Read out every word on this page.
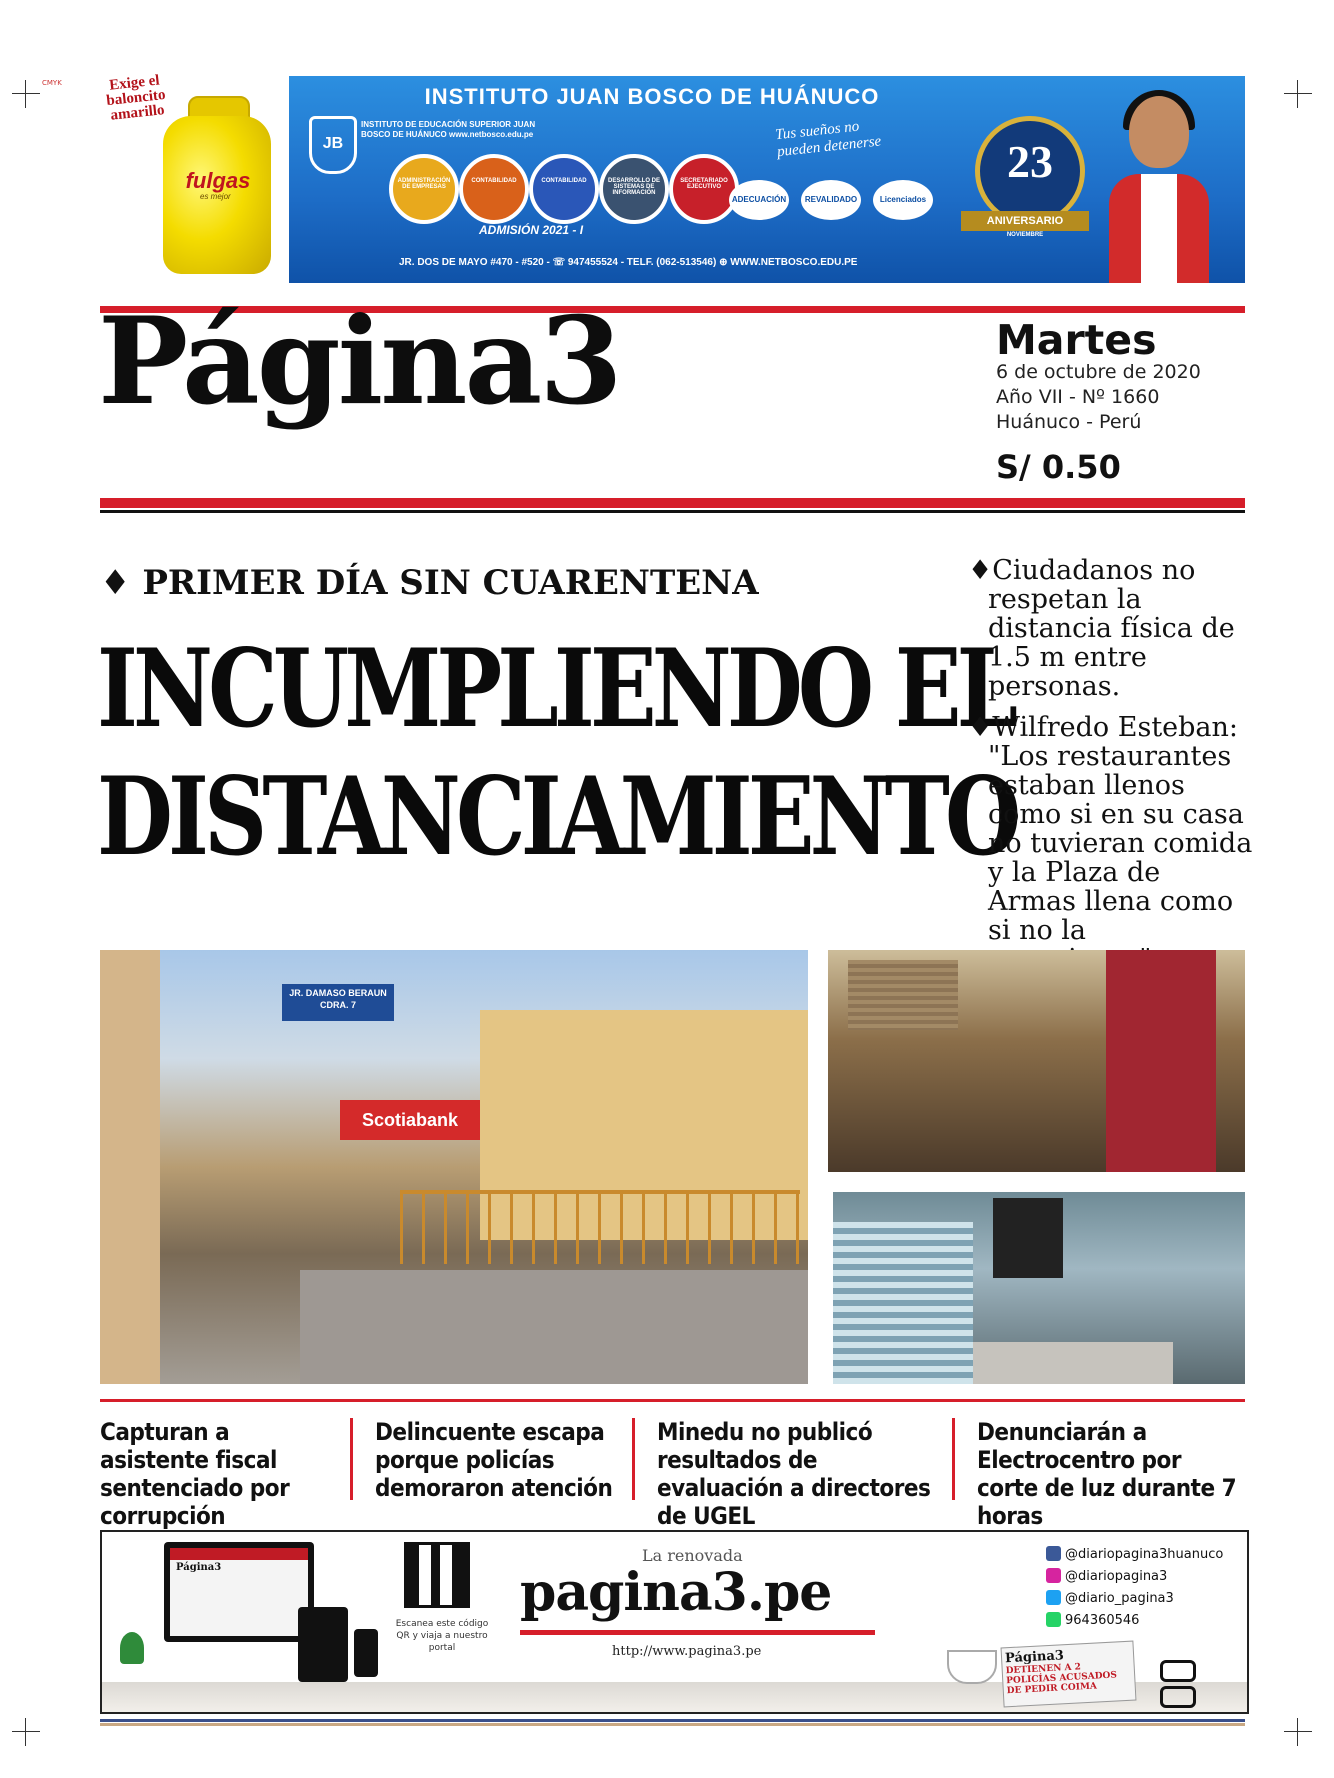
CMYK	Exige el baloncito amarillo
fulgas
es mejor
INSTITUTO JUAN BOSCO DE HUÁNUCO
JB
INSTITUTO DE EDUCACIÓN SUPERIOR JUAN BOSCO DE HUÁNUCO www.netbosco.edu.pe
ADMINISTRACIÓN DE EMPRESAS
CONTABILIDAD	CONTABILIDAD	DESARROLLO DE SISTEMAS DE INFORMACIÓN
SECRETARIADO EJECUTIVO
ADMISIÓN 2021 - I
Tus sueños no pueden detenerse
ADECUACIÓN	REVALIDADO	Licenciados
JR. DOS DE MAYO #470 - #520 - ☏ 947455524 - TELF. (062-513546) ⊕ WWW.NETBOSCO.EDU.PE
23
ANIVERSARIO
NOVIEMBRE
Página3	Martes
6 de octubre de 2020
Año VII - Nº 1660
Huánuco - Perú
S/ 0.50
♦ PRIMER DÍA SIN CUARENTENA
INCUMPLIENDO EL
DISTANCIAMIENTO

♦Ciudadanos no respetan la distancia física de 1.5 m entre personas.

♦Wilfredo Esteban: "Los restaurantes estaban llenos como si en su casa no tuvieran comida y la Plaza de Armas llena como si no la

JR. DAMASO BERAUN CDRA. 7
Scotiabank
Capturan a asistente fiscal sentenciado por corrupción
Delincuente escapa porque policías demoraron atención
Minedu no publicó resultados de evaluación a directores de UGEL
Denunciarán a Electrocentro por corte de luz durante 7 horas
Página3
Escanea este código QR y viaja a nuestro portal
La renovada
pagina3.pe
http://www.pagina3.pe
@diariopagina3huanuco
@diariopagina3
@diario_pagina3
964360546
Página3
DETIENEN A 2 POLICÍAS ACUSADOS DE PEDIR COIMA
